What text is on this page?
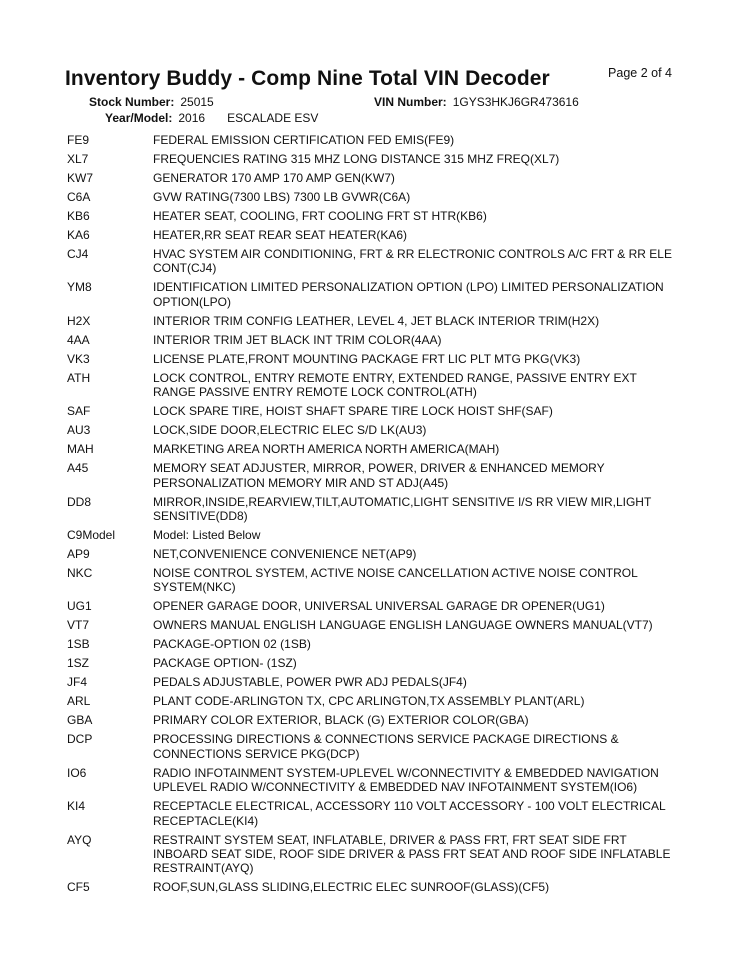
Page 2 of 4
Inventory Buddy - Comp Nine Total VIN Decoder
Stock Number: 25015	VIN Number: 1GYS3HKJ6GR473616
Year/Model: 2016 ESCALADE ESV
FE9	FEDERAL EMISSION CERTIFICATION FED EMIS(FE9)
XL7	FREQUENCIES RATING 315 MHZ LONG DISTANCE 315 MHZ FREQ(XL7)
KW7	GENERATOR 170 AMP 170 AMP GEN(KW7)
C6A	GVW RATING(7300 LBS) 7300 LB GVWR(C6A)
KB6	HEATER SEAT, COOLING, FRT COOLING FRT ST HTR(KB6)
KA6	HEATER,RR SEAT REAR SEAT HEATER(KA6)
CJ4	HVAC SYSTEM AIR CONDITIONING, FRT & RR ELECTRONIC CONTROLS A/C FRT & RR ELE CONT(CJ4)
YM8	IDENTIFICATION LIMITED PERSONALIZATION OPTION (LPO) LIMITED PERSONALIZATION OPTION(LPO)
H2X	INTERIOR TRIM CONFIG LEATHER, LEVEL 4, JET BLACK INTERIOR TRIM(H2X)
4AA	INTERIOR TRIM JET BLACK INT TRIM COLOR(4AA)
VK3	LICENSE PLATE,FRONT MOUNTING PACKAGE FRT LIC PLT MTG PKG(VK3)
ATH	LOCK CONTROL, ENTRY REMOTE ENTRY, EXTENDED RANGE, PASSIVE ENTRY EXT RANGE PASSIVE ENTRY REMOTE LOCK CONTROL(ATH)
SAF	LOCK SPARE TIRE, HOIST SHAFT SPARE TIRE LOCK HOIST SHF(SAF)
AU3	LOCK,SIDE DOOR,ELECTRIC ELEC S/D LK(AU3)
MAH	MARKETING AREA NORTH AMERICA NORTH AMERICA(MAH)
A45	MEMORY SEAT ADJUSTER, MIRROR, POWER, DRIVER & ENHANCED MEMORY PERSONALIZATION MEMORY MIR AND ST ADJ(A45)
DD8	MIRROR,INSIDE,REARVIEW,TILT,AUTOMATIC,LIGHT SENSITIVE I/S RR VIEW MIR,LIGHT SENSITIVE(DD8)
C9Model	Model: Listed Below
AP9	NET,CONVENIENCE CONVENIENCE NET(AP9)
NKC	NOISE CONTROL SYSTEM, ACTIVE NOISE CANCELLATION ACTIVE NOISE CONTROL SYSTEM(NKC)
UG1	OPENER GARAGE DOOR, UNIVERSAL UNIVERSAL GARAGE DR OPENER(UG1)
VT7	OWNERS MANUAL ENGLISH LANGUAGE ENGLISH LANGUAGE OWNERS MANUAL(VT7)
1SB	PACKAGE-OPTION 02 (1SB)
1SZ	PACKAGE OPTION- (1SZ)
JF4	PEDALS ADJUSTABLE, POWER PWR ADJ PEDALS(JF4)
ARL	PLANT CODE-ARLINGTON TX, CPC ARLINGTON,TX ASSEMBLY PLANT(ARL)
GBA	PRIMARY COLOR EXTERIOR, BLACK (G) EXTERIOR COLOR(GBA)
DCP	PROCESSING DIRECTIONS & CONNECTIONS SERVICE PACKAGE DIRECTIONS & CONNECTIONS SERVICE PKG(DCP)
IO6	RADIO INFOTAINMENT SYSTEM-UPLEVEL W/CONNECTIVITY & EMBEDDED NAVIGATION UPLEVEL RADIO W/CONNECTIVITY & EMBEDDED NAV INFOTAINMENT SYSTEM(IO6)
KI4	RECEPTACLE ELECTRICAL, ACCESSORY 110 VOLT ACCESSORY - 100 VOLT ELECTRICAL RECEPTACLE(KI4)
AYQ	RESTRAINT SYSTEM SEAT, INFLATABLE, DRIVER & PASS FRT, FRT SEAT SIDE FRT INBOARD SEAT SIDE, ROOF SIDE DRIVER & PASS FRT SEAT AND ROOF SIDE INFLATABLE RESTRAINT(AYQ)
CF5	ROOF,SUN,GLASS SLIDING,ELECTRIC ELEC SUNROOF(GLASS)(CF5)
